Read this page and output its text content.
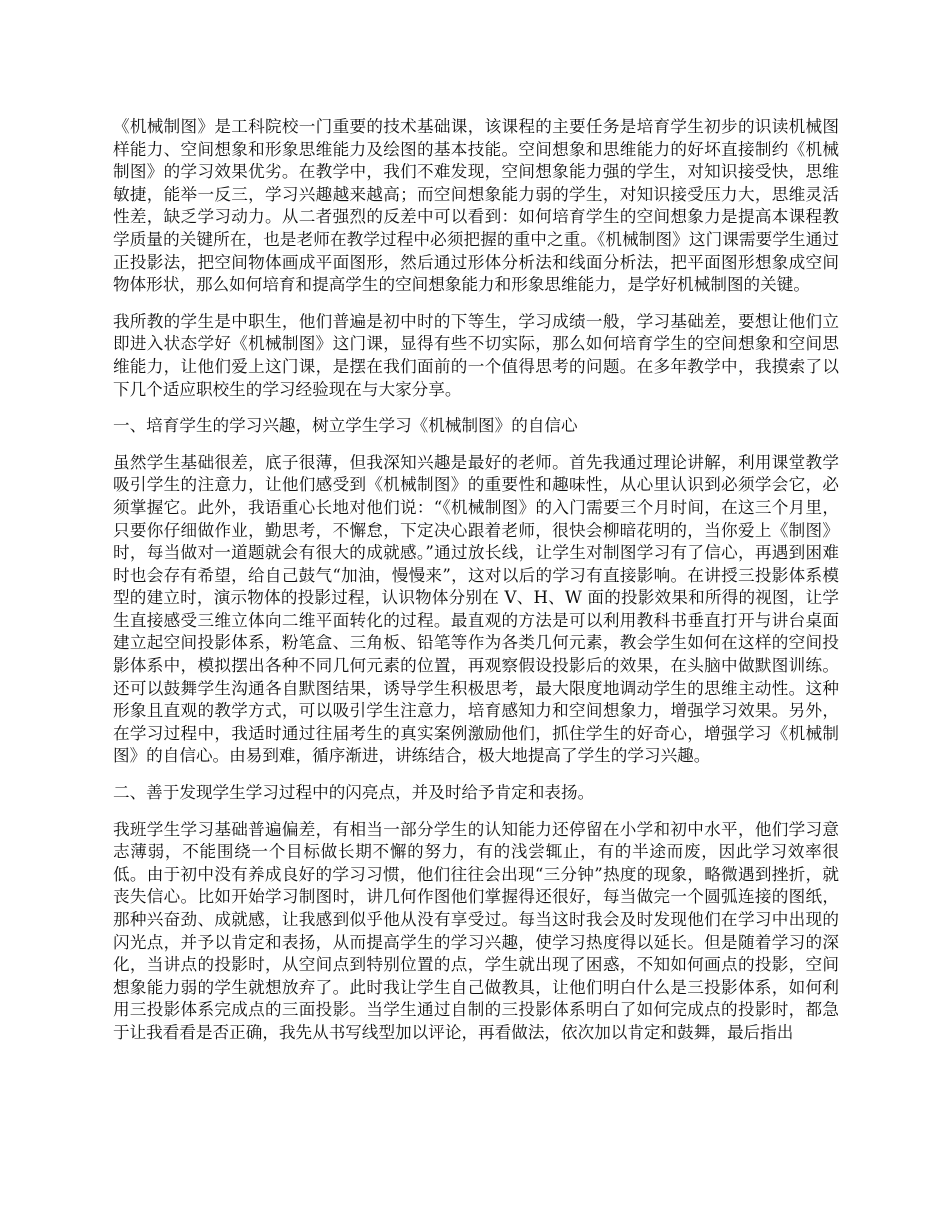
《机械制图》是工科院校一门重要的技术基础课，该课程的主要任务是培育学生初步的识读机械图样能力、空间想象和形象思维能力及绘图的基本技能。空间想象和思维能力的好坏直接制约《机械制图》的学习效果优劣。在教学中，我们不难发现，空间想象能力强的学生，对知识接受快，思维敏捷，能举一反三，学习兴趣越来越高；而空间想象能力弱的学生，对知识接受压力大，思维灵活性差，缺乏学习动力。从二者强烈的反差中可以看到：如何培育学生的空间想象力是提高本课程教学质量的关键所在，也是老师在教学过程中必须把握的重中之重。《机械制图》这门课需要学生通过正投影法，把空间物体画成平面图形，然后通过形体分析法和线面分析法，把平面图形想象成空间物体形状，那么如何培育和提高学生的空间想象能力和形象思维能力，是学好机械制图的关键。

我所教的学生是中职生，他们普遍是初中时的下等生，学习成绩一般，学习基础差，要想让他们立即进入状态学好《机械制图》这门课，显得有些不切实际，那么如何培育学生的空间想象和空间思维能力，让他们爱上这门课，是摆在我们面前的一个值得思考的问题。在多年教学中，我摸索了以下几个适应职校生的学习经验现在与大家分享。

一、培育学生的学习兴趣，树立学生学习《机械制图》的自信心

虽然学生基础很差，底子很薄，但我深知兴趣是最好的老师。首先我通过理论讲解，利用课堂教学吸引学生的注意力，让他们感受到《机械制图》的重要性和趣味性，从心里认识到必须学会它，必须掌握它。此外，我语重心长地对他们说：“《机械制图》的入门需要三个月时间，在这三个月里，只要你仔细做作业，勤思考，不懈怠，下定决心跟着老师，很快会柳暗花明的，当你爱上《制图》时，每当做对一道题就会有很大的成就感。”通过放长线，让学生对制图学习有了信心，再遇到困难时也会存有希望，给自己鼓气“加油，慢慢来”，这对以后的学习有直接影响。在讲授三投影体系模型的建立时，演示物体的投影过程，认识物体分别在 V、H、W 面的投影效果和所得的视图，让学生直接感受三维立体向二维平面转化的过程。最直观的方法是可以利用教科书垂直打开与讲台桌面建立起空间投影体系，粉笔盒、三角板、铅笔等作为各类几何元素，教会学生如何在这样的空间投影体系中，模拟摆出各种不同几何元素的位置，再观察假设投影后的效果，在头脑中做默图训练。还可以鼓舞学生沟通各自默图结果，诱导学生积极思考，最大限度地调动学生的思维主动性。这种形象且直观的教学方式，可以吸引学生注意力，培育感知力和空间想象力，增强学习效果。另外，在学习过程中，我适时通过往届考生的真实案例激励他们，抓住学生的好奇心，增强学习《机械制图》的自信心。由易到难，循序渐进，讲练结合，极大地提高了学生的学习兴趣。

二、善于发现学生学习过程中的闪亮点，并及时给予肯定和表扬。

我班学生学习基础普遍偏差，有相当一部分学生的认知能力还停留在小学和初中水平，他们学习意志薄弱，不能围绕一个目标做长期不懈的努力，有的浅尝辄止，有的半途而废，因此学习效率很低。由于初中没有养成良好的学习习惯，他们往往会出现“三分钟”热度的现象，略微遇到挫折，就丧失信心。比如开始学习制图时，讲几何作图他们掌握得还很好，每当做完一个圆弧连接的图纸，那种兴奋劲、成就感，让我感到似乎他从没有享受过。每当这时我会及时发现他们在学习中出现的闪光点，并予以肯定和表扬，从而提高学生的学习兴趣，使学习热度得以延长。但是随着学习的深化，当讲点的投影时，从空间点到特别位置的点，学生就出现了困惑，不知如何画点的投影，空间想象能力弱的学生就想放弃了。此时我让学生自己做教具，让他们明白什么是三投影体系，如何利用三投影体系完成点的三面投影。当学生通过自制的三投影体系明白了如何完成点的投影时，都急于让我看看是否正确，我先从书写线型加以评论，再看做法，依次加以肯定和鼓舞，最后指出
